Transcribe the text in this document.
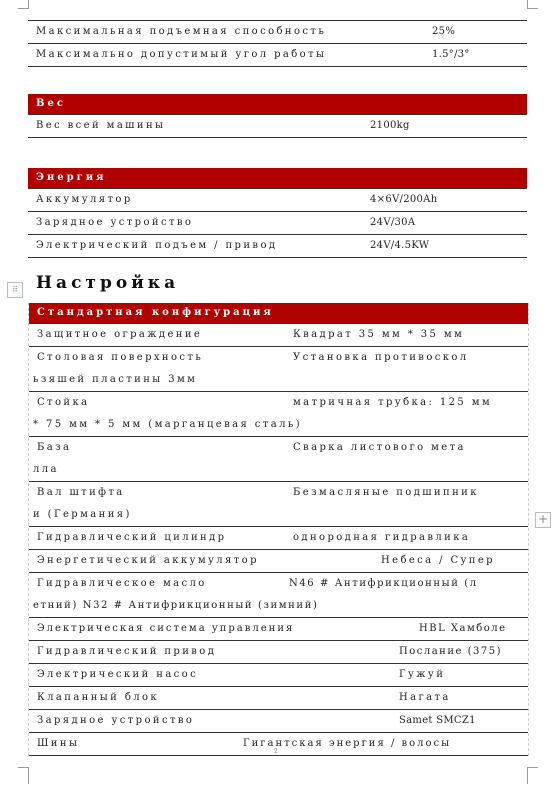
Максимальная подъемная способность	25%
Максимально допустимый угол работы	1.5°/3°
Вес
Вес всей машины	2100kg
Энергия
Аккумулятор	4×6V/200Ah
Зарядное устройство	24V/30A
Электрический подъем / привод	24V/4.5KW
⠿ Настройка
Стандартная конфигурация
Защитное ограждение	Квадрат 35 мм * 35 мм
Столовая поверхность	Установка противоскол
ьзяшей пластины 3мм
Стойка	матричная трубка: 125 мм
* 75 мм * 5 мм (марганцевая сталь)
База	Сварка листового мета
лла
Вал штифта	Безмасляные подшипник
и (Германия)
Гидравлический цилиндр	однородная гидравлика
Энергетический аккумулятор	Небеса / Супер
Гидравлическое масло	N46 # Антифрикционный (л
етний) N32 # Антифрикционный (зимний)
Электрическая система управления	HBL Хамболе
Гидравлический привод	Послание (375)
Электрический насос	Гужуй
Клапанный блок	Нагата
Зарядное устройство	Samet SMCZ1
Шины	Гигантская энергия / волосы
+
2
